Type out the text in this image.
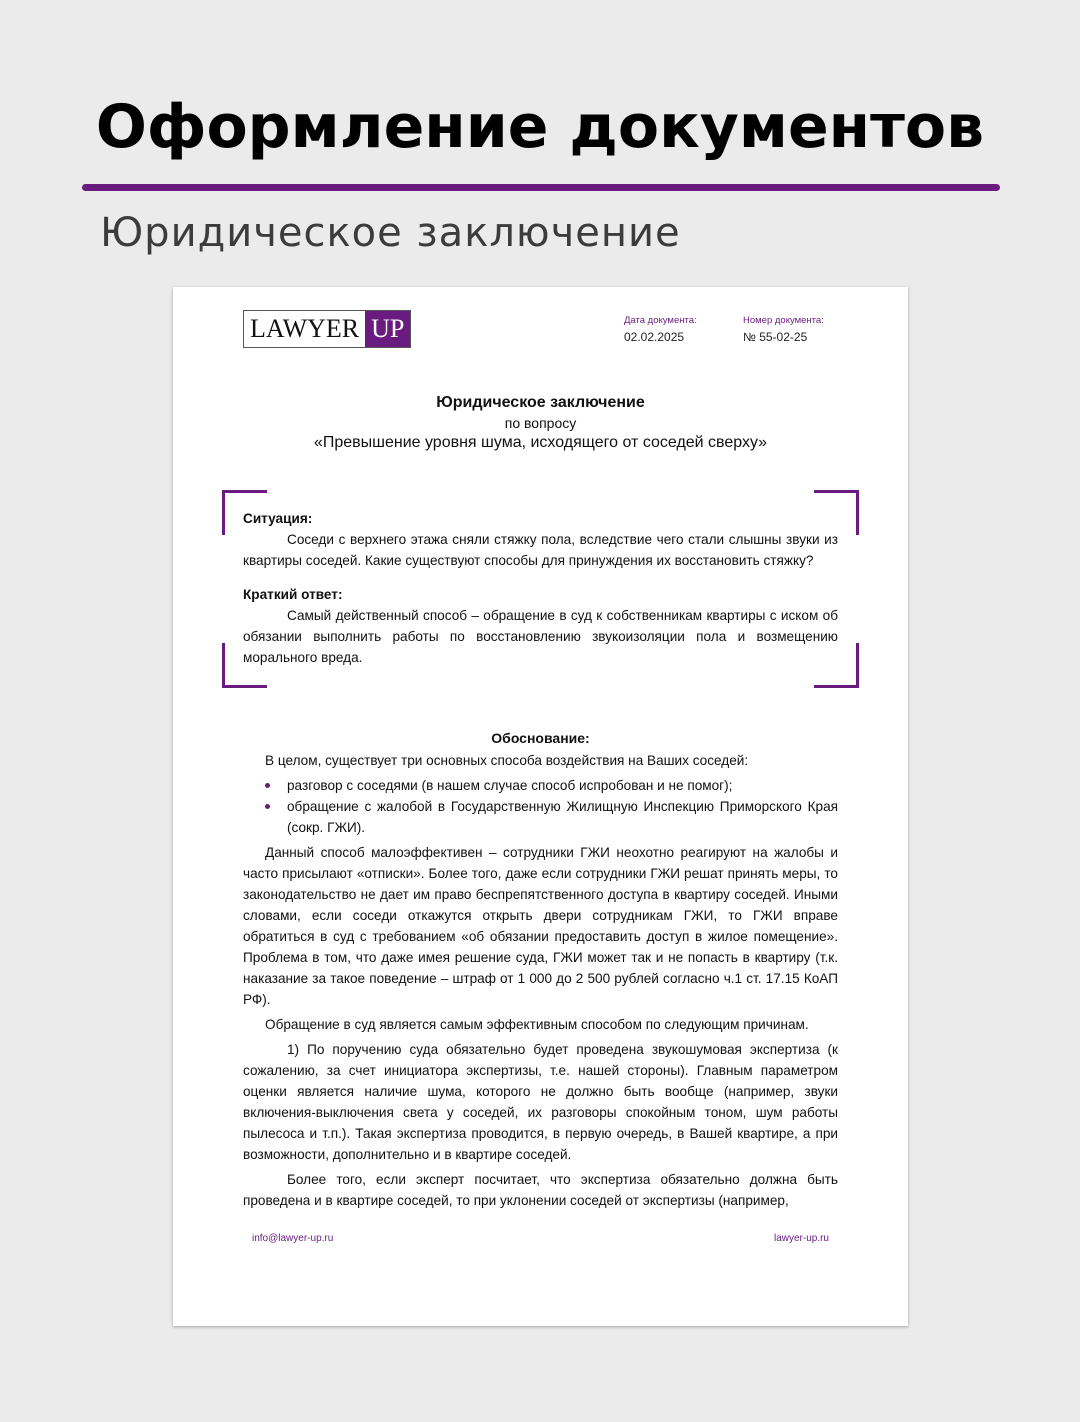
Оформление документов
Юридическое заключение
LAWYER UP	Дата документа:
02.02.2025
Номер документа:
№ 55-02-25
Юридическое заключение
по вопросу
«Превышение уровня шума, исходящего от соседей сверху»

Ситуация:

Соседи с верхнего этажа сняли стяжку пола, вследствие чего стали слышны звуки из квартиры соседей. Какие существуют способы для принуждения их восстановить стяжку?

Краткий ответ:

Самый действенный способ – обращение в суд к собственникам квартиры с иском об обязании выполнить работы по восстановлению звукоизоляции пола и возмещению морального вреда.

Обоснование:

В целом, существует три основных способа воздействия на Ваших соседей:

разговор с соседями (в нашем случае способ испробован и не помог);
обращение с жалобой в Государственную Жилищную Инспекцию Приморского Края (сокр. ГЖИ).

Данный способ малоэффективен – сотрудники ГЖИ неохотно реагируют на жалобы и часто присылают «отписки». Более того, даже если сотрудники ГЖИ решат принять меры, то законодательство не дает им право беспрепятственного доступа в квартиру соседей. Иными словами, если соседи откажутся открыть двери сотрудникам ГЖИ, то ГЖИ вправе обратиться в суд с требованием «об обязании предоставить доступ в жилое помещение». Проблема в том, что даже имея решение суда, ГЖИ может так и не попасть в квартиру (т.к. наказание за такое поведение – штраф от 1 000 до 2 500 рублей согласно ч.1 ст. 17.15 КоАП РФ).

Обращение в суд является самым эффективным способом по следующим причинам.

1) По поручению суда обязательно будет проведена звукошумовая экспертиза (к сожалению, за счет инициатора экспертизы, т.е. нашей стороны). Главным параметром оценки является наличие шума, которого не должно быть вообще (например, звуки включения-выключения света у соседей, их разговоры спокойным тоном, шум работы пылесоса и т.п.). Такая экспертиза проводится, в первую очередь, в Вашей квартире, а при возможности, дополнительно и в квартире соседей.

Более того, если эксперт посчитает, что экспертиза обязательно должна быть проведена и в квартире соседей, то при уклонении соседей от экспертизы (например,

info@lawyer-up.ru	lawyer-up.ru
